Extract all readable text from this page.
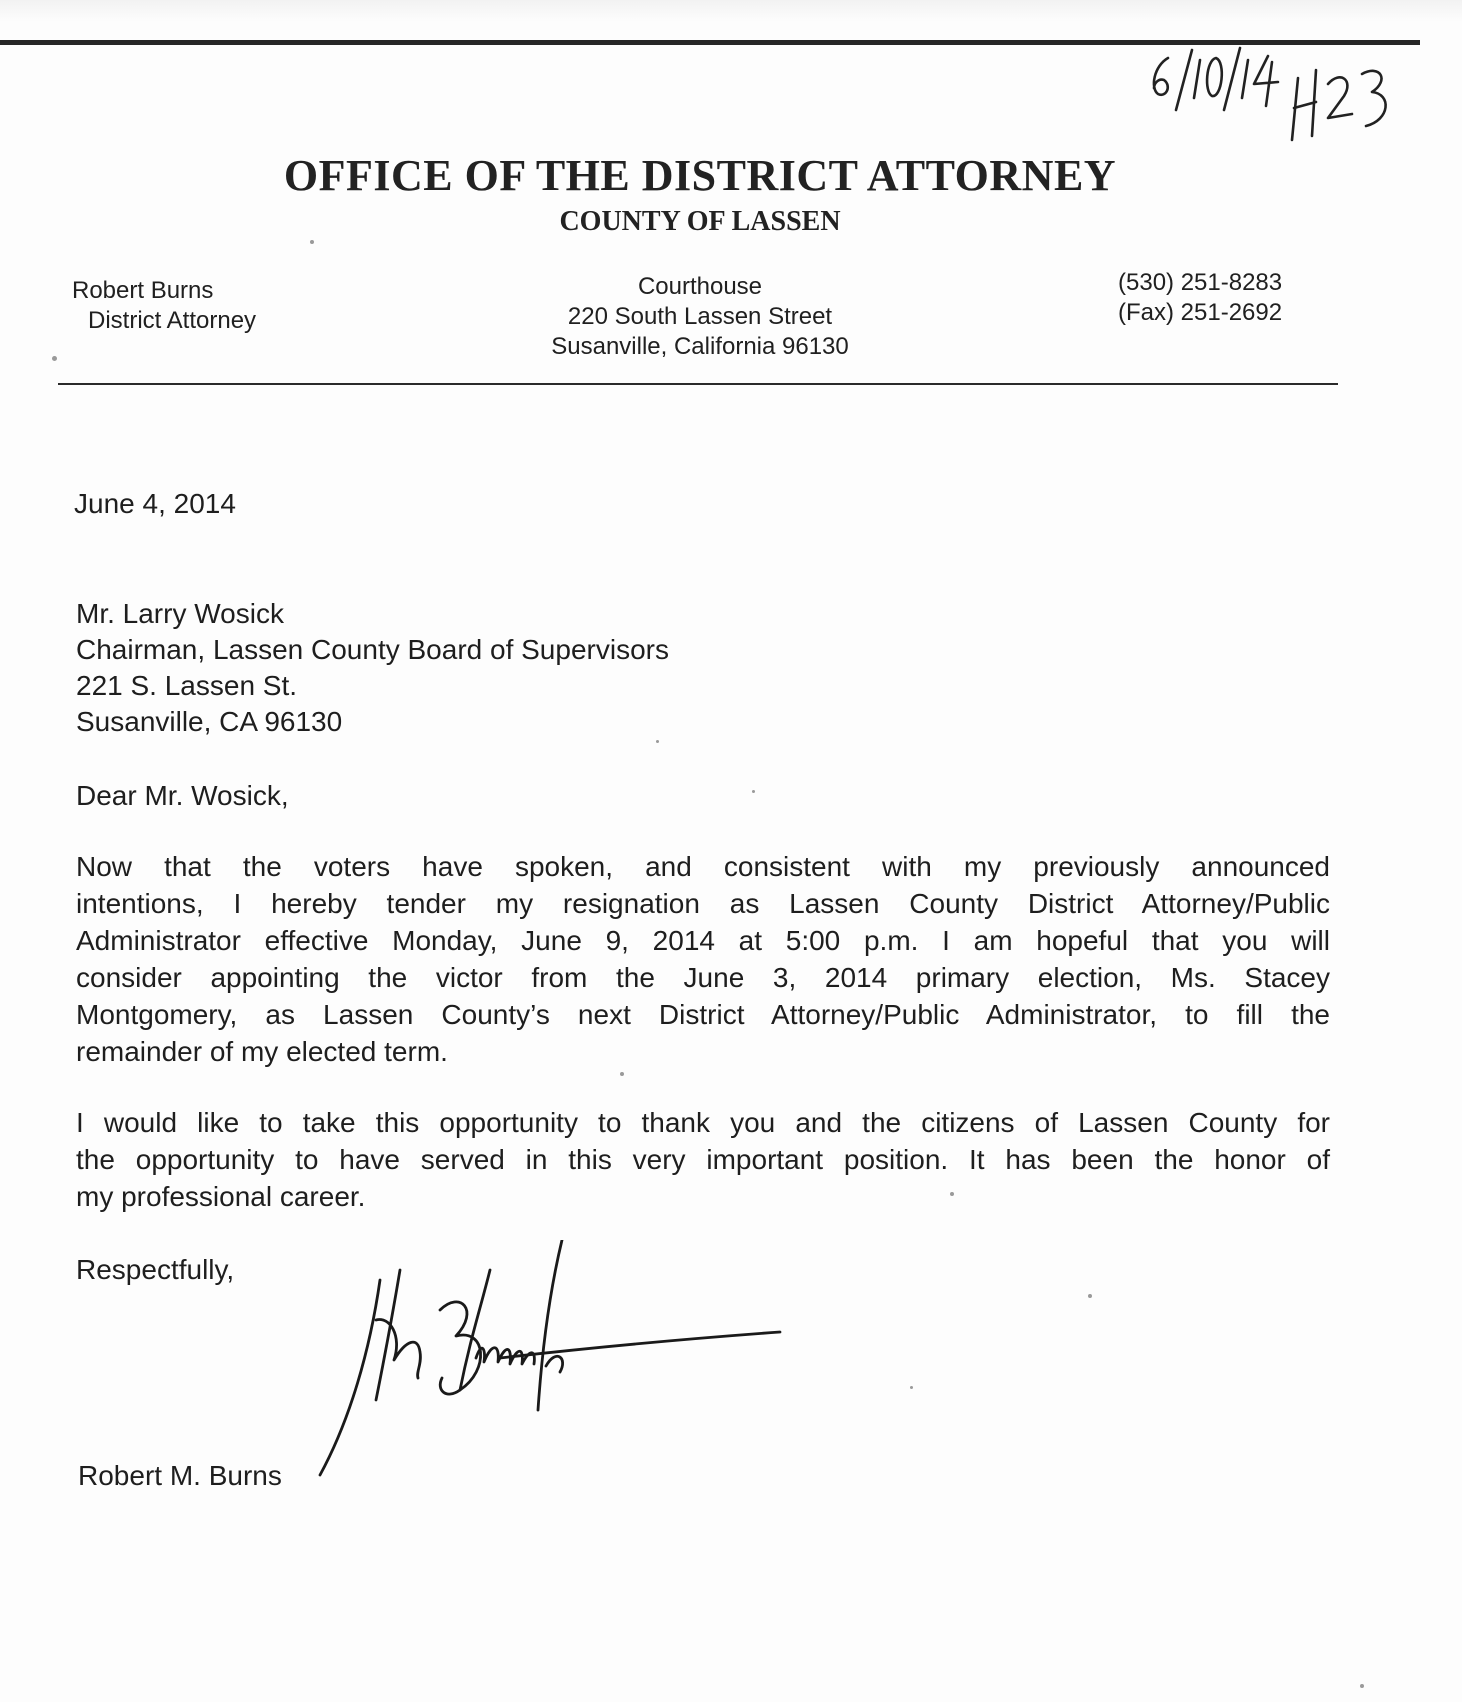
OFFICE OF THE DISTRICT ATTORNEY
COUNTY OF LASSEN
Robert Burns
District Attorney
Courthouse
220 South Lassen Street
Susanville, California 96130
(530) 251-8283
(Fax) 251-2692
June 4, 2014
Mr. Larry Wosick
Chairman, Lassen County Board of Supervisors
221 S. Lassen St.
Susanville, CA 96130
Dear Mr. Wosick,
Now that the voters have spoken, and consistent with my previously announced
intentions, I hereby tender my resignation as Lassen County District Attorney/Public
Administrator effective Monday, June 9, 2014 at 5:00 p.m. I am hopeful that you will
consider appointing the victor from the June 3, 2014 primary election, Ms. Stacey
Montgomery, as Lassen County’s next District Attorney/Public Administrator, to fill the
remainder of my elected term.
I would like to take this opportunity to thank you and the citizens of Lassen County for
the opportunity to have served in this very important position. It has been the honor of
my professional career.
Respectfully,
Robert M. Burns
